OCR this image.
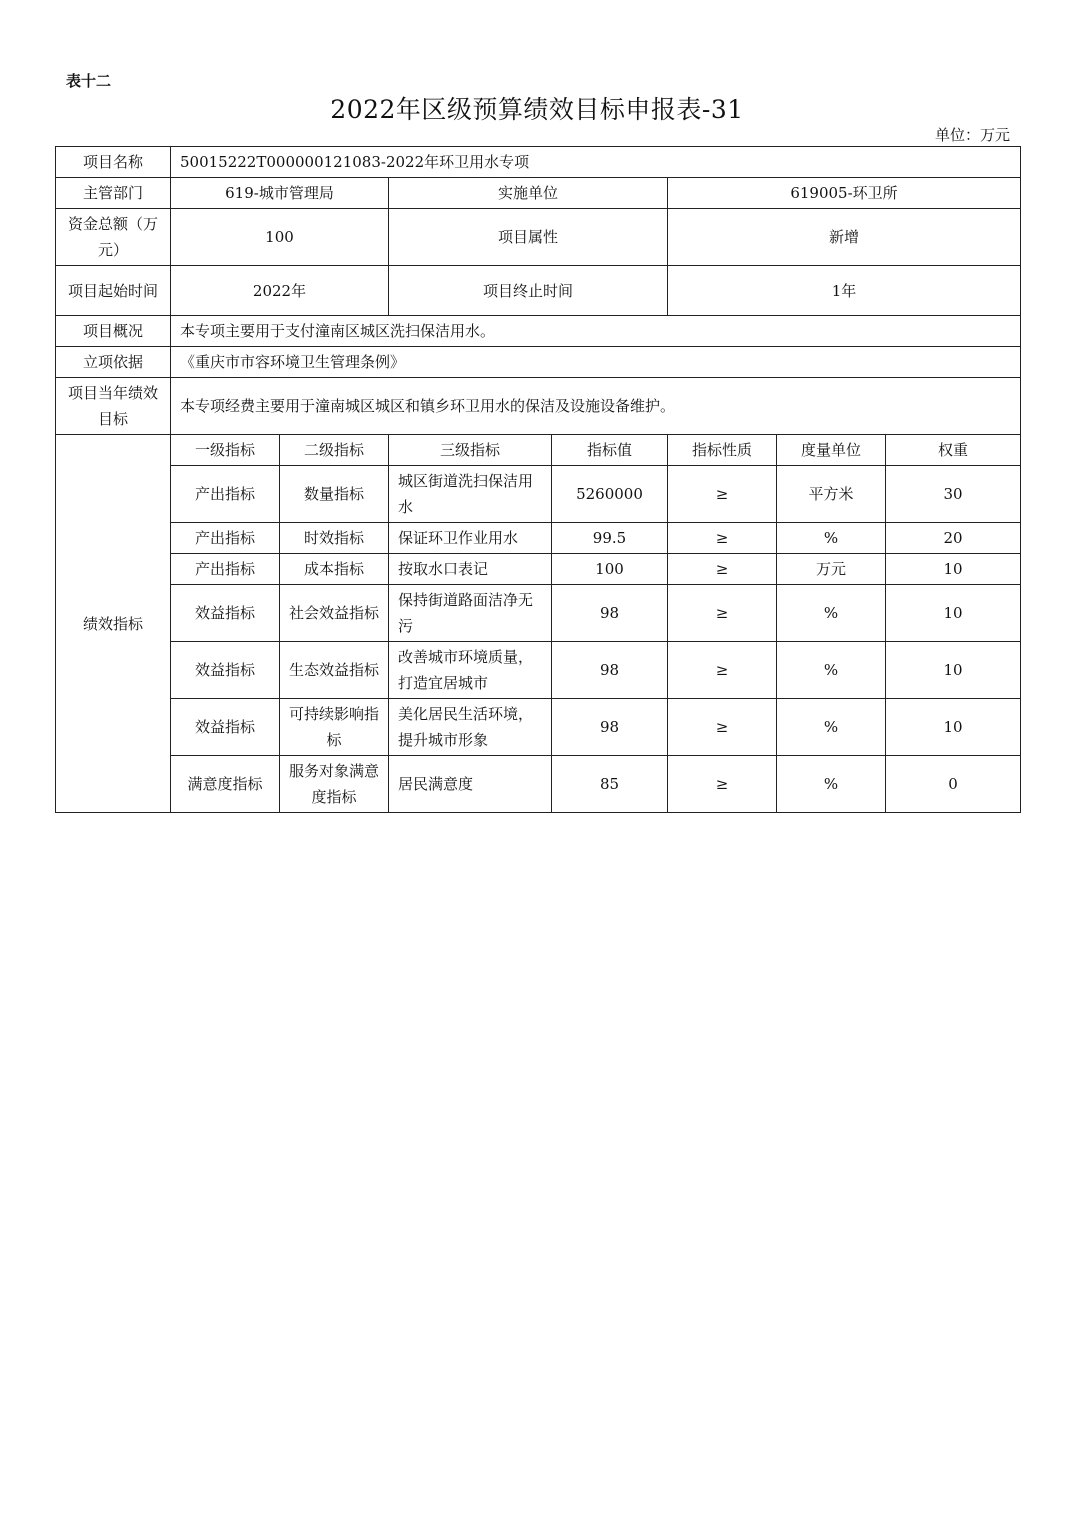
表十二
2022年区级预算绩效目标申报表-31
单位：万元
项目名称	50015222T000000121083-2022年环卫用水专项						
主管部门	619-城市管理局		实施单位		619005-环卫所		
资金总额（万元）	100		项目属性		新增		
项目起始时间	2022年		项目终止时间		1年		
项目概况	本专项主要用于支付潼南区城区洗扫保洁用水。						
立项依据	《重庆市市容环境卫生管理条例》						
项目当年绩效目标	本专项经费主要用于潼南城区城区和镇乡环卫用水的保洁及设施设备维护。						
绩效指标	一级指标	二级指标	三级指标	指标值	指标性质	度量单位	权重
	产出指标	数量指标	城区街道洗扫保洁用水	5260000	≥	平方米	30
	产出指标	时效指标	保证环卫作业用水	99.5	≥	%	20
	产出指标	成本指标	按取水口表记	100	≥	万元	10
	效益指标	社会效益指标	保持街道路面洁净无污	98	≥	%	10
	效益指标	生态效益指标	改善城市环境质量，打造宜居城市	98	≥	%	10
	效益指标	可持续影响指标	美化居民生活环境，提升城市形象	98	≥	%	10
	满意度指标	服务对象满意度指标	居民满意度	85	≥	%	0
